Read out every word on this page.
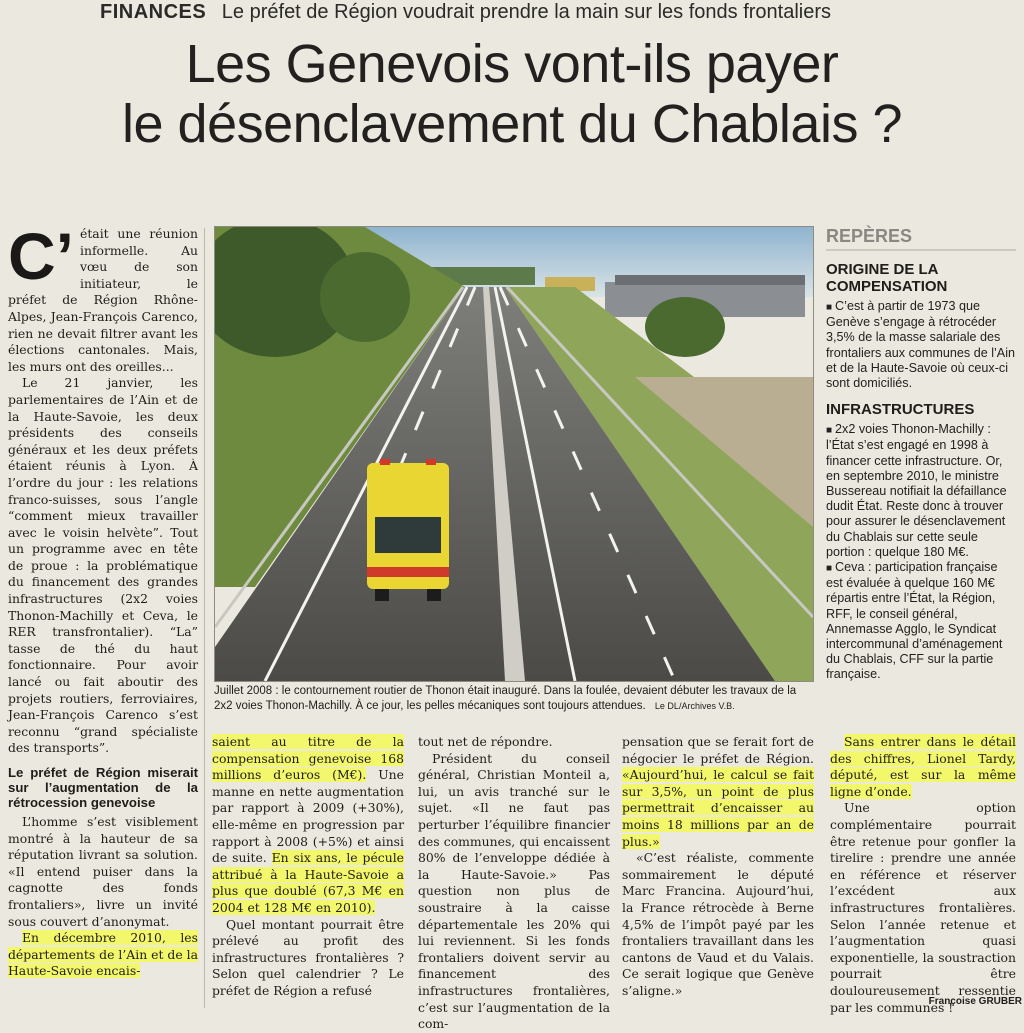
FINANCES Le préfet de Région voudrait prendre la main sur les fonds frontaliers
Les Genevois vont-ils payer
le désenclavement du Chablais ?
C’ était une réunion informelle. Au vœu de son initiateur, le préfet de Région Rhône-Alpes, Jean-François Carenco, rien ne devait filtrer avant les élections cantonales. Mais, les murs ont des oreilles...

Le 21 janvier, les parlementaires de l’Ain et de la Haute-Savoie, les deux présidents des conseils généraux et les deux préfets étaient réunis à Lyon. À l’ordre du jour : les relations franco-suisses, sous l’angle “comment mieux travailler avec le voisin helvète”. Tout un programme avec en tête de proue : la problématique du financement des grandes infrastructures (2x2 voies Thonon-Machilly et Ceva, le RER transfrontalier). “La” tasse de thé du haut fonctionnaire. Pour avoir lancé ou fait aboutir des projets routiers, ferroviaires, Jean-François Carenco s’est reconnu “grand spécialiste des transports”.

Le préfet de Région miserait sur l’augmentation de la rétrocession genevoise

L’homme s’est visiblement montré à la hauteur de sa réputation livrant sa solution. «Il entend puiser dans la cagnotte des fonds frontaliers», livre un invité sous couvert d’anonymat.

En décembre 2010, les départements de l’Ain et de la Haute-Savoie encais-

Juillet 2008 : le contournement routier de Thonon était inauguré. Dans la foulée, devaient débuter les travaux de la 2x2 voies Thonon-Machilly. À ce jour, les pelles mécaniques sont toujours attendues. Le DL/Archives V.B.

saient au titre de la compensation genevoise 168 millions d’euros (M€). Une manne en nette augmentation par rapport à 2009 (+30%), elle-même en progression par rapport à 2008 (+5%) et ainsi de suite. En six ans, le pécule attribué à la Haute-Savoie a plus que doublé (67,3 M€ en 2004 et 128 M€ en 2010).

Quel montant pourrait être prélevé au profit des infrastructures frontalières ? Selon quel calendrier ? Le préfet de Région a refusé

tout net de répondre.

Président du conseil général, Christian Monteil a, lui, un avis tranché sur le sujet. «Il ne faut pas perturber l’équilibre financier des communes, qui encaissent 80% de l’enveloppe dédiée à la Haute-Savoie.» Pas question non plus de soustraire à la caisse départementale les 20% qui lui reviennent. Si les fonds frontaliers doivent servir au financement des infrastructures frontalières, c’est sur l’augmentation de la com-

pensation que se ferait fort de négocier le préfet de Région. «Aujourd’hui, le calcul se fait sur 3,5%, un point de plus permettrait d’encaisser au moins 18 millions par an de plus.»

«C’est réaliste, commente sommairement le député Marc Francina. Aujourd’hui, la France rétrocède à Berne 4,5% de l’impôt payé par les frontaliers travaillant dans les cantons de Vaud et du Valais. Ce serait logique que Genève s’aligne.»

Sans entrer dans le détail des chiffres, Lionel Tardy, député, est sur la même ligne d’onde.

Une option complémentaire pourrait être retenue pour gonfler la tirelire : prendre une année en référence et réserver l’excédent aux infrastructures frontalières. Selon l’année retenue et l’augmentation quasi exponentielle, la soustraction pourrait être douloureusement ressentie par les communes !

REPÈRES
ORIGINE DE LA COMPENSATION
■ C’est à partir de 1973 que Genève s’engage à rétrocéder 3,5% de la masse salariale des frontaliers aux communes de l’Ain et de la Haute-Savoie où ceux-ci sont domiciliés.
INFRASTRUCTURES
■ 2x2 voies Thonon-Machilly : l’État s’est engagé en 1998 à financer cette infrastructure. Or, en septembre 2010, le ministre Bussereau notifiait la défaillance dudit État. Reste donc à trouver pour assurer le désenclavement du Chablais sur cette seule portion : quelque 180 M€.
■ Ceva : participation française est évaluée à quelque 160 M€ répartis entre l’État, la Région, RFF, le conseil général, Annemasse Agglo, le Syndicat intercommunal d’aménagement du Chablais, CFF sur la partie française.
Françoise GRUBER
